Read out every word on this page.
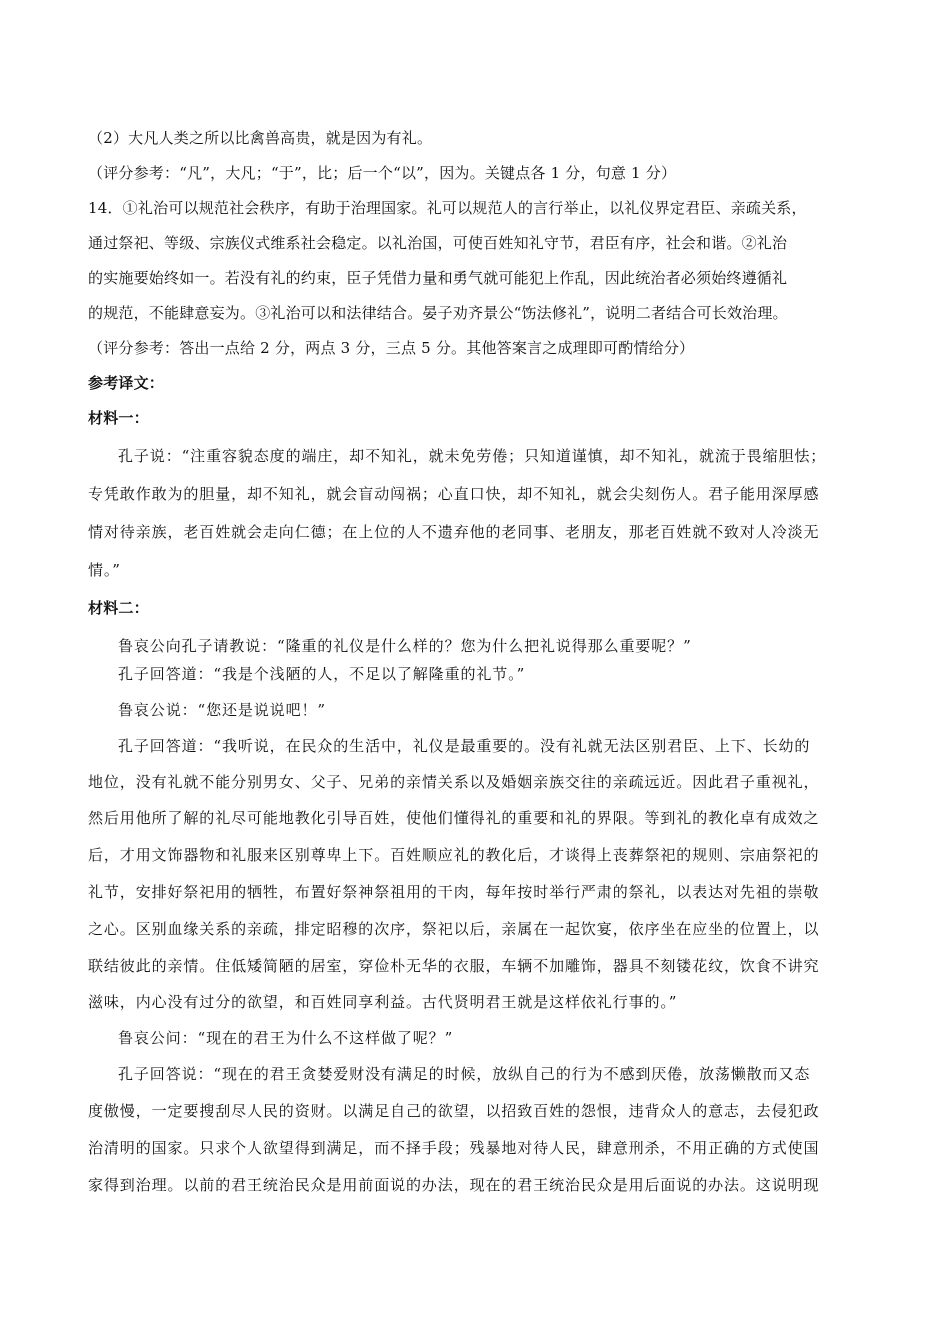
（2）大凡人类之所以比禽兽高贵，就是因为有礼。
（评分参考：“凡”，大凡；“于”，比；后一个“以”，因为。关键点各 1 分，句意 1 分）
14．①礼治可以规范社会秩序，有助于治理国家。礼可以规范人的言行举止，以礼仪界定君臣、亲疏关系，
通过祭祀、等级、宗族仪式维系社会稳定。以礼治国，可使百姓知礼守节，君臣有序，社会和谐。②礼治
的实施要始终如一。若没有礼的约束，臣子凭借力量和勇气就可能犯上作乱，因此统治者必须始终遵循礼
的规范，不能肆意妄为。③礼治可以和法律结合。晏子劝齐景公“饬法修礼”，说明二者结合可长效治理。
（评分参考：答出一点给 2 分，两点 3 分，三点 5 分。其他答案言之成理即可酌情给分）
参考译文：
材料一：
孔子说：“注重容貌态度的端庄，却不知礼，就未免劳倦；只知道谨慎，却不知礼，就流于畏缩胆怯；
专凭敢作敢为的胆量，却不知礼，就会盲动闯祸；心直口快，却不知礼，就会尖刻伤人。君子能用深厚感
情对待亲族，老百姓就会走向仁德；在上位的人不遗弃他的老同事、老朋友，那老百姓就不致对人冷淡无
情。”
材料二：
鲁哀公向孔子请教说：“隆重的礼仪是什么样的？您为什么把礼说得那么重要呢？”
孔子回答道：“我是个浅陋的人，不足以了解隆重的礼节。”
鲁哀公说：“您还是说说吧！”
孔子回答道：“我听说，在民众的生活中，礼仪是最重要的。没有礼就无法区别君臣、上下、长幼的
地位，没有礼就不能分别男女、父子、兄弟的亲情关系以及婚姻亲族交往的亲疏远近。因此君子重视礼，
然后用他所了解的礼尽可能地教化引导百姓，使他们懂得礼的重要和礼的界限。等到礼的教化卓有成效之
后，才用文饰器物和礼服来区别尊卑上下。百姓顺应礼的教化后，才谈得上丧葬祭祀的规则、宗庙祭祀的
礼节，安排好祭祀用的牺牲，布置好祭神祭祖用的干肉，每年按时举行严肃的祭礼，以表达对先祖的崇敬
之心。区别血缘关系的亲疏，排定昭穆的次序，祭祀以后，亲属在一起饮宴，依序坐在应坐的位置上，以
联结彼此的亲情。住低矮简陋的居室，穿俭朴无华的衣服，车辆不加雕饰，器具不刻镂花纹，饮食不讲究
滋味，内心没有过分的欲望，和百姓同享利益。古代贤明君王就是这样依礼行事的。”
鲁哀公问：“现在的君王为什么不这样做了呢？”
孔子回答说：“现在的君王贪婪爱财没有满足的时候，放纵自己的行为不感到厌倦，放荡懒散而又态
度傲慢，一定要搜刮尽人民的资财。以满足自己的欲望，以招致百姓的怨恨，违背众人的意志，去侵犯政
治清明的国家。只求个人欲望得到满足，而不择手段；残暴地对待人民，肆意刑杀，不用正确的方式使国
家得到治理。以前的君王统治民众是用前面说的办法，现在的君王统治民众是用后面说的办法。这说明现
